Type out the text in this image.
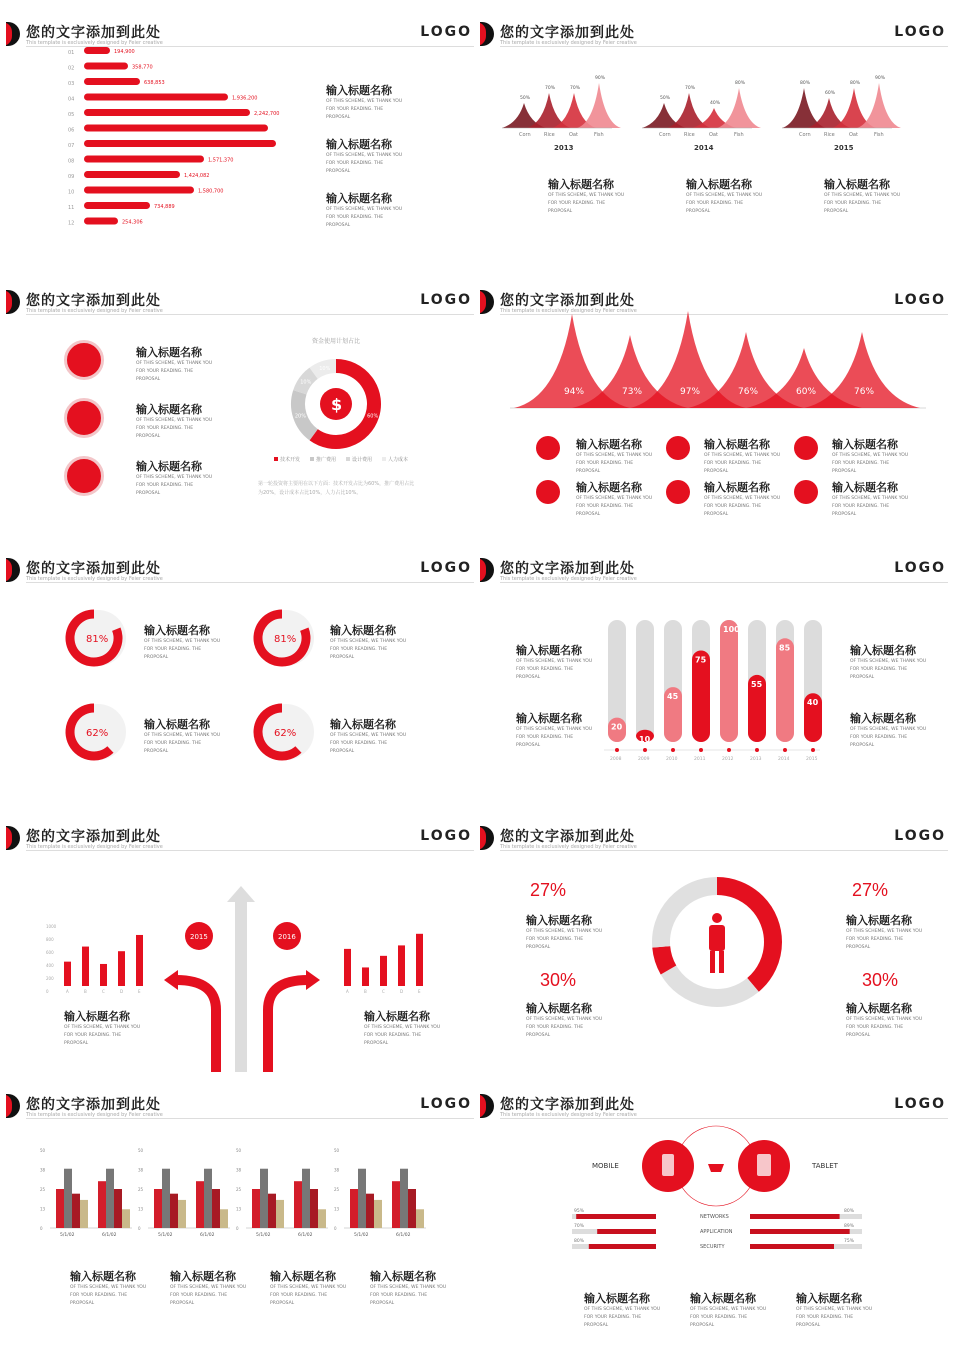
您的文字添加到此处
This template is exclusively designed by Feier creative
LOGO
01	194,900
02	358,770
03	638,853
04	1,936,200
05	2,242,700
06
07
08	1,571,370
09	1,424,082
10	1,580,700
11	734,889
12	254,306
输入标题名称
OF THIS SCHEME, WE THANK YOU FOR YOUR READING. THE PROPOSAL
输入标题名称
OF THIS SCHEME, WE THANK YOU FOR YOUR READING. THE PROPOSAL
输入标题名称
OF THIS SCHEME, WE THANK YOU FOR YOUR READING. THE PROPOSAL
您的文字添加到此处
This template is exclusively designed by Feier creative
LOGO
50%
Corn
70%
Rice
70%
Oat
90%
Fish
2013
50%
Corn
70%
Rice
40%
Oat
80%
Fish
2014
80%
Corn
60%
Rice
80%
Oat
90%
Fish
2015
输入标题名称
OF THIS SCHEME, WE THANK YOU FOR YOUR READING. THE PROPOSAL
输入标题名称
OF THIS SCHEME, WE THANK YOU FOR YOUR READING. THE PROPOSAL
输入标题名称
OF THIS SCHEME, WE THANK YOU FOR YOUR READING. THE PROPOSAL
您的文字添加到此处
This template is exclusively designed by Feier creative
LOGO
输入标题名称
OF THIS SCHEME, WE THANK YOU FOR YOUR READING. THE PROPOSAL
输入标题名称
OF THIS SCHEME, WE THANK YOU FOR YOUR READING. THE PROPOSAL
输入标题名称
OF THIS SCHEME, WE THANK YOU FOR YOUR READING. THE PROPOSAL
资金使用计划占比
60%
20%
10%
10%
$
技术开发	推广费用	设计费用	人力成本
第一轮投资将主要用在以下方面：技术开发占比为60%，推广费用占比为20%，设计成本占比10%，人力占比10%。
您的文字添加到此处
This template is exclusively designed by Feier creative
LOGO
94%	73%	97%	76%	60%	76%
输入标题名称
OF THIS SCHEME, WE THANK YOU FOR YOUR READING. THE PROPOSAL
输入标题名称
OF THIS SCHEME, WE THANK YOU FOR YOUR READING. THE PROPOSAL
输入标题名称
OF THIS SCHEME, WE THANK YOU FOR YOUR READING. THE PROPOSAL
输入标题名称
OF THIS SCHEME, WE THANK YOU FOR YOUR READING. THE PROPOSAL
输入标题名称
OF THIS SCHEME, WE THANK YOU FOR YOUR READING. THE PROPOSAL
输入标题名称
OF THIS SCHEME, WE THANK YOU FOR YOUR READING. THE PROPOSAL
您的文字添加到此处
This template is exclusively designed by Feier creative
LOGO
81%	81%
62%	62%
输入标题名称
OF THIS SCHEME, WE THANK YOU FOR YOUR READING. THE PROPOSAL
输入标题名称
OF THIS SCHEME, WE THANK YOU FOR YOUR READING. THE PROPOSAL
输入标题名称
OF THIS SCHEME, WE THANK YOU FOR YOUR READING. THE PROPOSAL
输入标题名称
OF THIS SCHEME, WE THANK YOU FOR YOUR READING. THE PROPOSAL
您的文字添加到此处
This template is exclusively designed by Feier creative
LOGO
20
2008
10
2009
45
2010
75
2011
100
2012
55
2013
85
2014
40
2015
输入标题名称
OF THIS SCHEME, WE THANK YOU FOR YOUR READING. THE PROPOSAL
输入标题名称
OF THIS SCHEME, WE THANK YOU FOR YOUR READING. THE PROPOSAL
输入标题名称
OF THIS SCHEME, WE THANK YOU FOR YOUR READING. THE PROPOSAL
输入标题名称
OF THIS SCHEME, WE THANK YOU FOR YOUR READING. THE PROPOSAL
您的文字添加到此处
This template is exclusively designed by Feier creative
LOGO
1000
800
600
400
200
0	A	B	C	D	E	A	B	C	D	E
2015	2016
输入标题名称
OF THIS SCHEME, WE THANK YOU FOR YOUR READING. THE PROPOSAL
输入标题名称
OF THIS SCHEME, WE THANK YOU FOR YOUR READING. THE PROPOSAL
您的文字添加到此处
This template is exclusively designed by Feier creative
LOGO
27%	27%
30%	30%
输入标题名称
OF THIS SCHEME, WE THANK YOU FOR YOUR READING. THE PROPOSAL
输入标题名称
OF THIS SCHEME, WE THANK YOU FOR YOUR READING. THE PROPOSAL
输入标题名称
OF THIS SCHEME, WE THANK YOU FOR YOUR READING. THE PROPOSAL
输入标题名称
OF THIS SCHEME, WE THANK YOU FOR YOUR READING. THE PROPOSAL
您的文字添加到此处
This template is exclusively designed by Feier creative
LOGO
50
38
25
13
0
5/1/02	6/1/02
50
38
25
13
0
5/1/02	6/1/02
50
38
25
13
0
5/1/02	6/1/02
50
38
25
13
0
5/1/02	6/1/02
输入标题名称
OF THIS SCHEME, WE THANK YOU FOR YOUR READING. THE PROPOSAL
输入标题名称
OF THIS SCHEME, WE THANK YOU FOR YOUR READING. THE PROPOSAL
输入标题名称
OF THIS SCHEME, WE THANK YOU FOR YOUR READING. THE PROPOSAL
输入标题名称
OF THIS SCHEME, WE THANK YOU FOR YOUR READING. THE PROPOSAL
您的文字添加到此处
This template is exclusively designed by Feier creative
LOGO
95%	80%
NETWORKS
70%	89%
APPLICATION
80%	75%
SECURITY
MOBILE	TABLET
输入标题名称
OF THIS SCHEME, WE THANK YOU FOR YOUR READING. THE PROPOSAL
输入标题名称
OF THIS SCHEME, WE THANK YOU FOR YOUR READING. THE PROPOSAL
输入标题名称
OF THIS SCHEME, WE THANK YOU FOR YOUR READING. THE PROPOSAL
